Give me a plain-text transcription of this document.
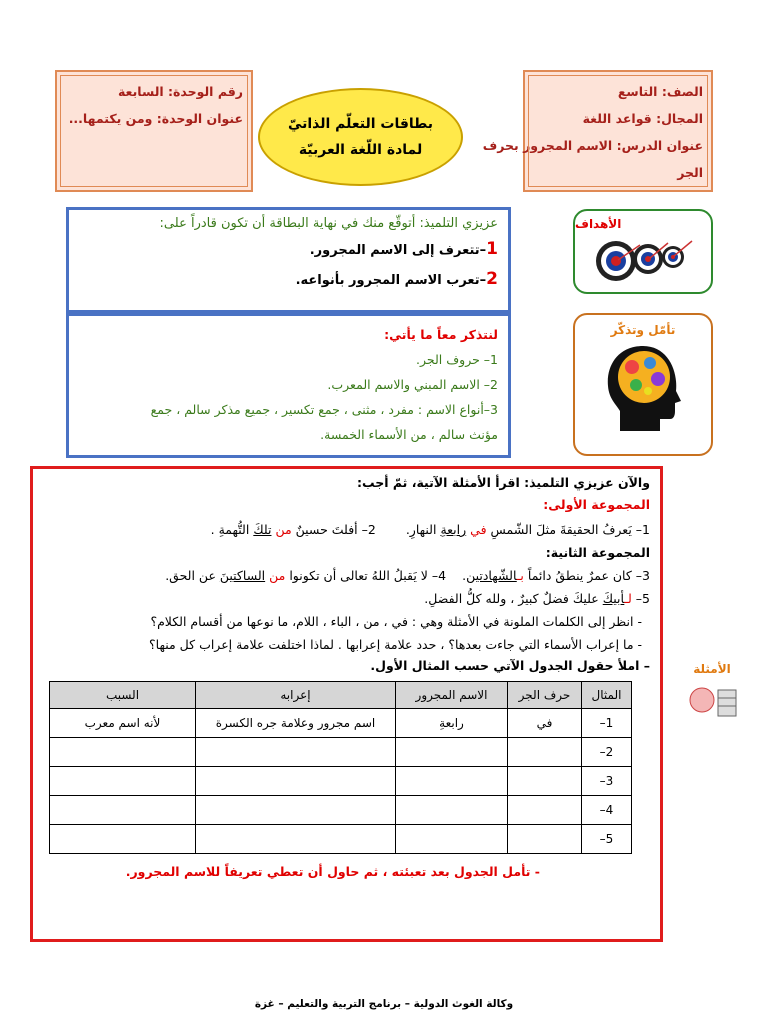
الصف: التاسع
المجال: قواعد اللغة
عنوان الدرس: الاسم المجرور بحرف
الجر
بطاقات التعلّم الذاتيّ
لمادة اللّغة العربيّة
رقم الوحدة: السابعة
عنوان الوحدة: ومن يكتمها...
الأهداف
عزيزي التلميذ: أتوقّع منك في نهاية البطاقة أن تكون قادراً على:
1–تتعرف إلى الاسم المجرور.
2–تعرب الاسم المجرور بأنواعه.
تأمّل وتذكّر
لنتذكر معاً ما يأتي:
1– حروف الجر.
2– الاسم المبني والاسم المعرب.
3–أنواع الاسم : مفرد ، مثنى ، جمع تكسير ، جميع مذكر سالم ، جمع
مؤنث سالم ، من الأسماء الخمسة.
والآن عزيزي التلميذ: اقرأ الأمثلة الآتية، ثمّ أجب:
المجموعة الأولى:
1– يَعرفُ الحقيقةَ مثلَ الشّمسِ في رابعةِ النهارِ.
2– أفلتَ حسينٌ من تلكَ التُّهمةِ .
المجموعة الثانية:
3– كان عمرٌ ينطقُ دائماً بـالشّهادتين.
4– لا يَقبلُ اللهُ تعالى أن تكونوا من الساكتينَ عن الحق.
5– لـأبيكَ عليكَ فضلٌ كبيرٌ ، ولله كلُّ الفضلِ.
- انظر إلى الكلمات الملونة في الأمثلة وهي : في ، من ، الباء ، اللام، ما نوعها من أقسام الكلام؟
- ما إعراب الأسماء التي جاءت بعدها؟ ، حدد علامة إعرابها . لماذا اختلفت علامة إعراب كل منها؟
– املأ حقول الجدول الآتي حسب المثال الأول.
المثال	حرف الجر	الاسم المجرور	إعرابه	السبب
1–	في	رابعةِ	اسم مجرور وعلامة جره الكسرة	لأنه اسم معرب
2–				
3–				
4–				
5–				
- تأمل الجدول بعد تعبئته ، ثم حاول أن تعطي تعريفاً للاسم المجرور.
الأمثلة
وكالة الغوث الدولية – برنامج التربية والتعليم – غزة
